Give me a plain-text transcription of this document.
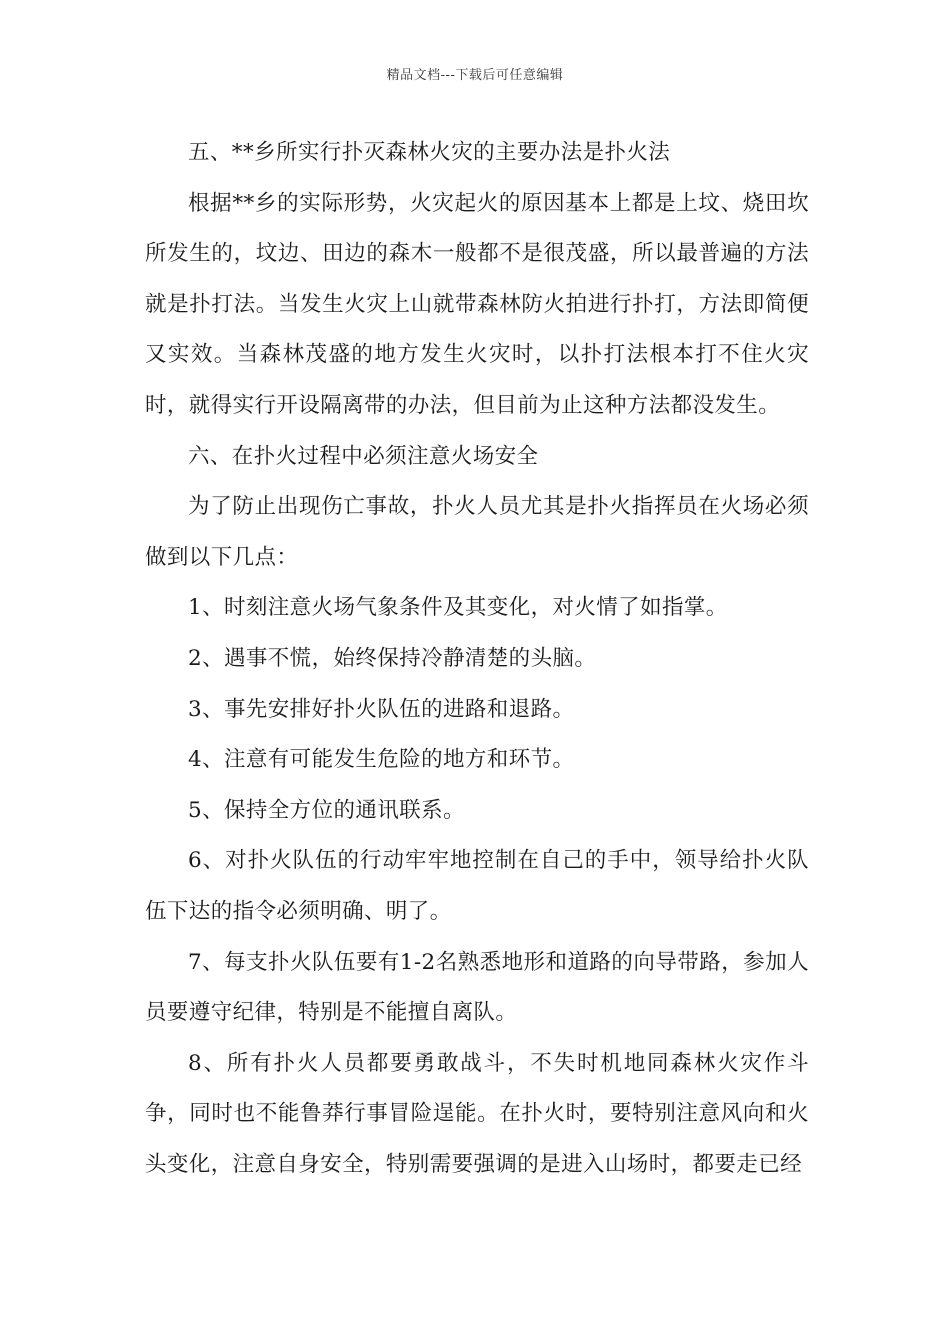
精品文档---下载后可任意编辑

五、**乡所实行扑灭森林火灾的主要办法是扑火法

根据**乡的实际形势，火灾起火的原因基本上都是上坟、烧田坎所发生的，坟边、田边的森木一般都不是很茂盛，所以最普遍的方法就是扑打法。当发生火灾上山就带森林防火拍进行扑打，方法即简便又实效。当森林茂盛的地方发生火灾时，以扑打法根本打不住火灾时，就得实行开设隔离带的办法，但目前为止这种方法都没发生。

六、在扑火过程中必须注意火场安全

为了防止出现伤亡事故，扑火人员尤其是扑火指挥员在火场必须做到以下几点：

1、时刻注意火场气象条件及其变化，对火情了如指掌。

2、遇事不慌，始终保持冷静清楚的头脑。

3、事先安排好扑火队伍的进路和退路。

4、注意有可能发生危险的地方和环节。

5、保持全方位的通讯联系。

6、对扑火队伍的行动牢牢地控制在自己的手中，领导给扑火队伍下达的指令必须明确、明了。

7、每支扑火队伍要有1-2名熟悉地形和道路的向导带路，参加人员要遵守纪律，特别是不能擅自离队。

8、所有扑火人员都要勇敢战斗，不失时机地同森林火灾作斗争，同时也不能鲁莽行事冒险逞能。在扑火时，要特别注意风向和火头变化，注意自身安全，特别需要强调的是进入山场时，都要走已经
